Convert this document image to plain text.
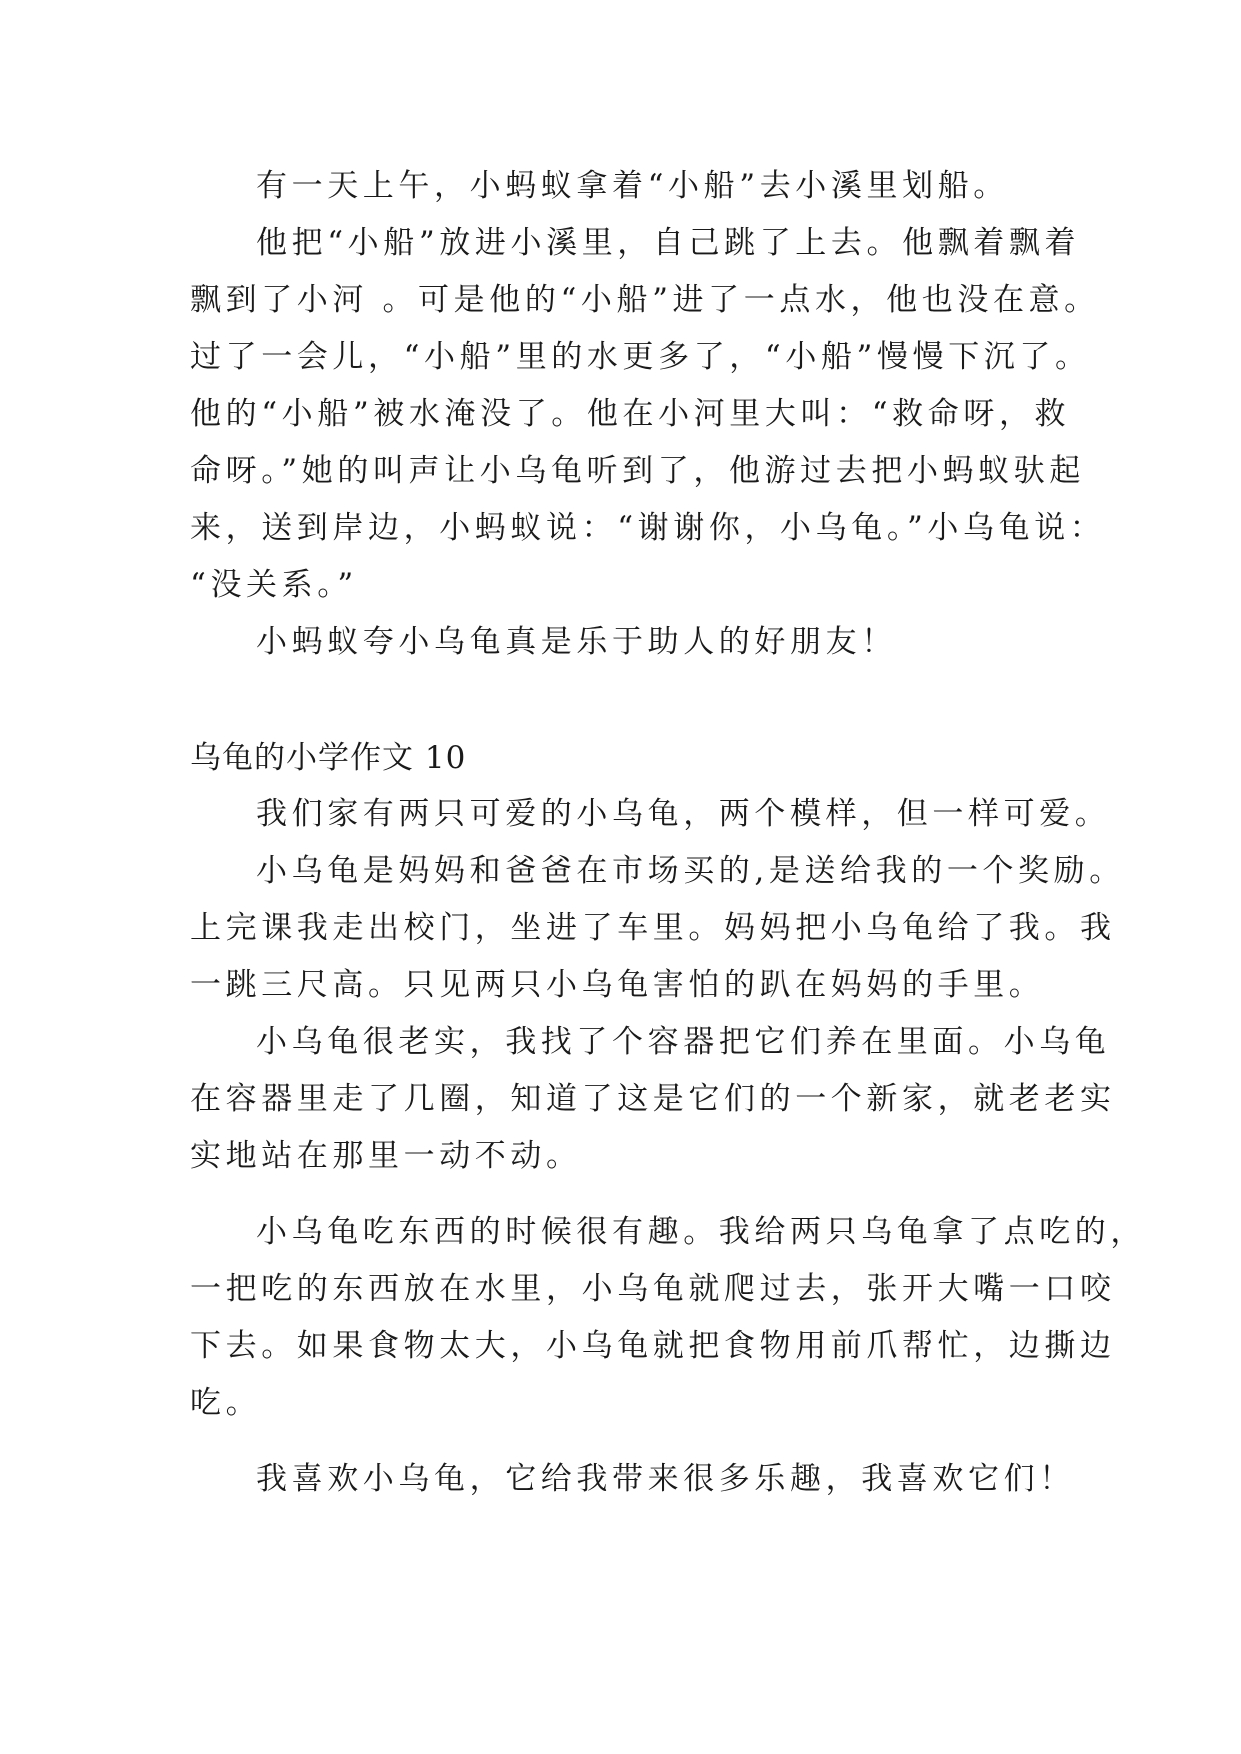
有一天上午，小蚂蚁拿着“小船”去小溪里划船。
他把“小船”放进小溪里，自己跳了上去。他飘着飘着
飘到了小河 。可是他的“小船”进了一点水，他也没在意。
过了一会儿，“小船”里的水更多了，“小船”慢慢下沉了。
他的“小船”被水淹没了。他在小河里大叫：“救命呀，救
命呀。”她的叫声让小乌龟听到了，他游过去把小蚂蚁驮起
来，送到岸边，小蚂蚁说：“谢谢你，小乌龟。”小乌龟说：
“没关系。”
小蚂蚁夸小乌龟真是乐于助人的好朋友！
乌龟的小学作文 10
我们家有两只可爱的小乌龟，两个模样，但一样可爱。
小乌龟是妈妈和爸爸在市场买的,是送给我的一个奖励。
上完课我走出校门，坐进了车里。妈妈把小乌龟给了我。我
一跳三尺高。只见两只小乌龟害怕的趴在妈妈的手里。
小乌龟很老实，我找了个容器把它们养在里面。小乌龟
在容器里走了几圈，知道了这是它们的一个新家，就老老实
实地站在那里一动不动。
小乌龟吃东西的时候很有趣。我给两只乌龟拿了点吃的，
一把吃的东西放在水里，小乌龟就爬过去，张开大嘴一口咬
下去。如果食物太大，小乌龟就把食物用前爪帮忙，边撕边
吃。
我喜欢小乌龟，它给我带来很多乐趣，我喜欢它们！
